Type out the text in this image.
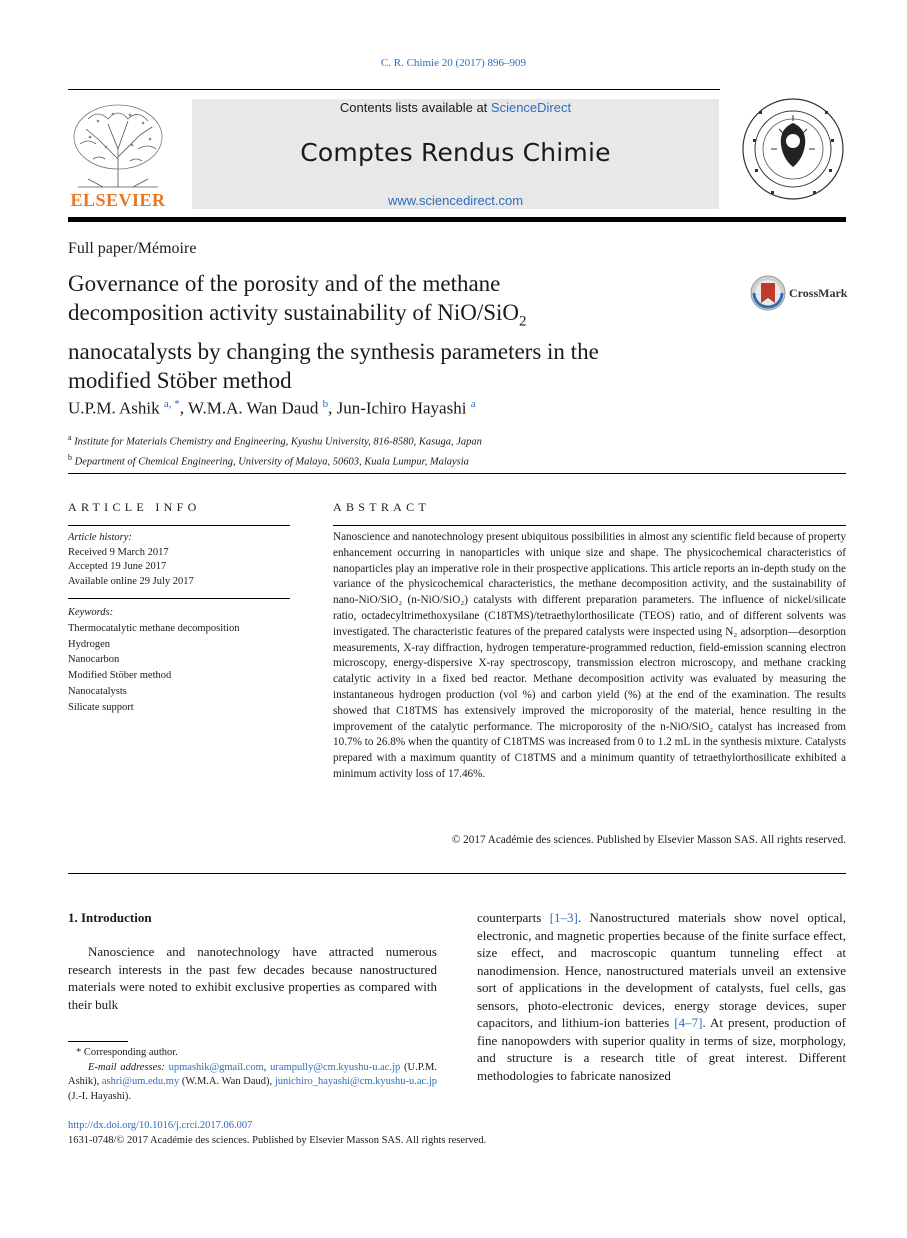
C. R. Chimie 20 (2017) 896–909
Contents lists available at ScienceDirect
Comptes Rendus Chimie
www.sciencedirect.com
ELSEVIER
Full paper/Mémoire
Governance of the porosity and of the methane
decomposition activity sustainability of NiO/SiO$_2$
nanocatalysts by changing the synthesis parameters in the
modified Stöber method
CrossMark
U.P.M. Ashik $^{a, *}$, W.M.A. Wan Daud $^b$, Jun-Ichiro Hayashi $^a$
$^a$ Institute for Materials Chemistry and Engineering, Kyushu University, 816-8580, Kasuga, Japan
$^b$ Department of Chemical Engineering, University of Malaya, 50603, Kuala Lumpur, Malaysia
ARTICLE INFO
Article history:
Received 9 March 2017
Accepted 19 June 2017
Available online 29 July 2017
Keywords:
Thermocatalytic methane decomposition
Hydrogen
Nanocarbon
Modified Stöber method
Nanocatalysts
Silicate support
ABSTRACT
Nanoscience and nanotechnology present ubiquitous possibilities in almost any scientific field because of property enhancement occurring in nanoparticles with unique size and shape. The physicochemical characteristics of nanoparticles play an imperative role in their prospective applications. This article reports an in-depth study on the variance of the physicochemical characteristics, the methane decomposition activity, and the sustainability of nano-NiO/SiO₂ (n-NiO/SiO₂) catalysts with different preparation parameters. The influence of nickel/silicate ratio, octadecyltrimethoxysilane (C18TMS)/tetraethylorthosilicate (TEOS) ratio, and of different solvents was investigated. The characteristic features of the prepared catalysts were inspected using N₂ adsorption—desorption measurements, X-ray diffraction, hydrogen temperature-programmed reduction, field-emission scanning electron microscopy, energy-dispersive X-ray spectroscopy, transmission electron microscopy, and methane cracking catalytic activity in a fixed bed reactor. Methane decomposition activity was evaluated by measuring the instantaneous hydrogen production (vol %) and carbon yield (%) at the end of the examination. The results showed that C18TMS has extensively improved the microporosity of the material, hence resulting in the improvement of the catalytic performance. The microporosity of the n-NiO/SiO₂ catalyst has increased from 10.7% to 26.8% when the quantity of C18TMS was increased from 0 to 1.2 mL in the synthesis mixture. Catalysts prepared with a maximum quantity of C18TMS and a minimum quantity of tetraethylorthosilicate exhibited a minimum activity loss of 17.46%.
© 2017 Académie des sciences. Published by Elsevier Masson SAS. All rights reserved.
1. Introduction

Nanoscience and nanotechnology have attracted numerous research interests in the past few decades because nanostructured materials were noted to exhibit exclusive properties as compared with their bulk

counterparts [1–3]. Nanostructured materials show novel optical, electronic, and magnetic properties because of the finite surface effect, size effect, and macroscopic quantum tunneling effect at nanodimension. Hence, nanostructured materials unveil an extensive sort of applications in the development of catalysts, fuel cells, gas sensors, photo-electronic devices, energy storage devices, super capacitors, and lithium-ion batteries [4–7]. At present, production of fine nanopowders with superior quality in terms of size, morphology, and structure is a research title of great interest. Different methodologies to fabricate nanosized
* Corresponding author.
E-mail addresses: upmashik@gmail.com, urampully@cm.kyushu-u.ac.jp (U.P.M. Ashik), ashri@um.edu.my (W.M.A. Wan Daud), junichiro_hayashi@cm.kyushu-u.ac.jp (J.-I. Hayashi).
http://dx.doi.org/10.1016/j.crci.2017.06.007
1631-0748/© 2017 Académie des sciences. Published by Elsevier Masson SAS. All rights reserved.
